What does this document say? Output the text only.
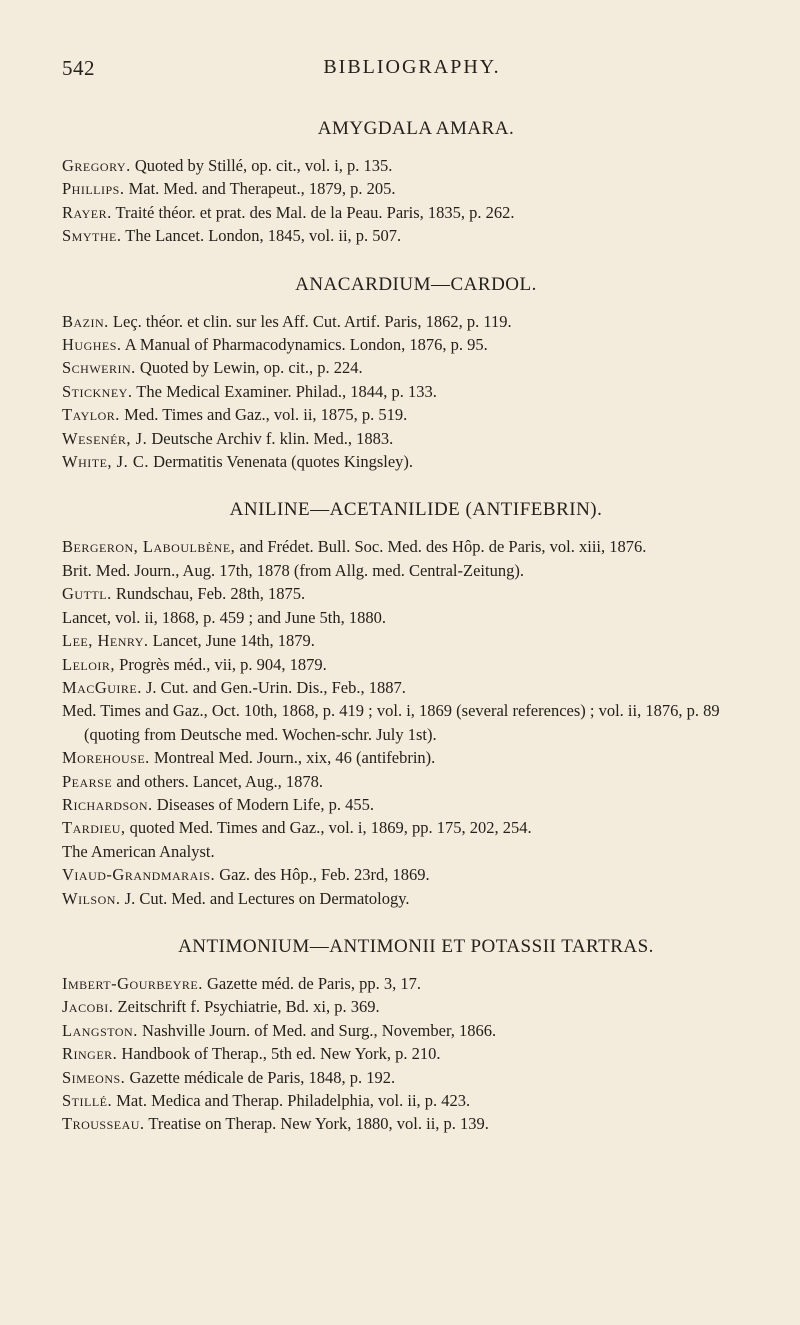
542	BIBLIOGRAPHY.
AMYGDALA AMARA.
Gregory. Quoted by Stillé, op. cit., vol. i, p. 135.
Phillips. Mat. Med. and Therapeut., 1879, p. 205.
Rayer. Traité théor. et prat. des Mal. de la Peau. Paris, 1835, p. 262.
Smythe. The Lancet. London, 1845, vol. ii, p. 507.
ANACARDIUM—CARDOL.
Bazin. Leç. théor. et clin. sur les Aff. Cut. Artif. Paris, 1862, p. 119.
Hughes. A Manual of Pharmacodynamics. London, 1876, p. 95.
Schwerin. Quoted by Lewin, op. cit., p. 224.
Stickney. The Medical Examiner. Philad., 1844, p. 133.
Taylor. Med. Times and Gaz., vol. ii, 1875, p. 519.
Wesenér, J. Deutsche Archiv f. klin. Med., 1883.
White, J. C. Dermatitis Venenata (quotes Kingsley).
ANILINE—ACETANILIDE (ANTIFEBRIN).
Bergeron, Laboulbène, and Frédet. Bull. Soc. Med. des Hôp. de Paris, vol. xiii, 1876.
Brit. Med. Journ., Aug. 17th, 1878 (from Allg. med. Central-Zeitung).
Guttl. Rundschau, Feb. 28th, 1875.
Lancet, vol. ii, 1868, p. 459 ; and June 5th, 1880.
Lee, Henry. Lancet, June 14th, 1879.
Leloir, Progrès méd., vii, p. 904, 1879.
MacGuire. J. Cut. and Gen.-Urin. Dis., Feb., 1887.
Med. Times and Gaz., Oct. 10th, 1868, p. 419 ; vol. i, 1869 (several references) ; vol. ii, 1876, p. 89 (quoting from Deutsche med. Wochen-schr. July 1st).
Morehouse. Montreal Med. Journ., xix, 46 (antifebrin).
Pearse and others. Lancet, Aug., 1878.
Richardson. Diseases of Modern Life, p. 455.
Tardieu, quoted Med. Times and Gaz., vol. i, 1869, pp. 175, 202, 254.
The American Analyst.
Viaud-Grandmarais. Gaz. des Hôp., Feb. 23rd, 1869.
Wilson. J. Cut. Med. and Lectures on Dermatology.
ANTIMONIUM—ANTIMONII ET POTASSII TARTRAS.
Imbert-Gourbeyre. Gazette méd. de Paris, pp. 3, 17.
Jacobi. Zeitschrift f. Psychiatrie, Bd. xi, p. 369.
Langston. Nashville Journ. of Med. and Surg., November, 1866.
Ringer. Handbook of Therap., 5th ed. New York, p. 210.
Simeons. Gazette médicale de Paris, 1848, p. 192.
Stillé. Mat. Medica and Therap. Philadelphia, vol. ii, p. 423.
Trousseau. Treatise on Therap. New York, 1880, vol. ii, p. 139.
